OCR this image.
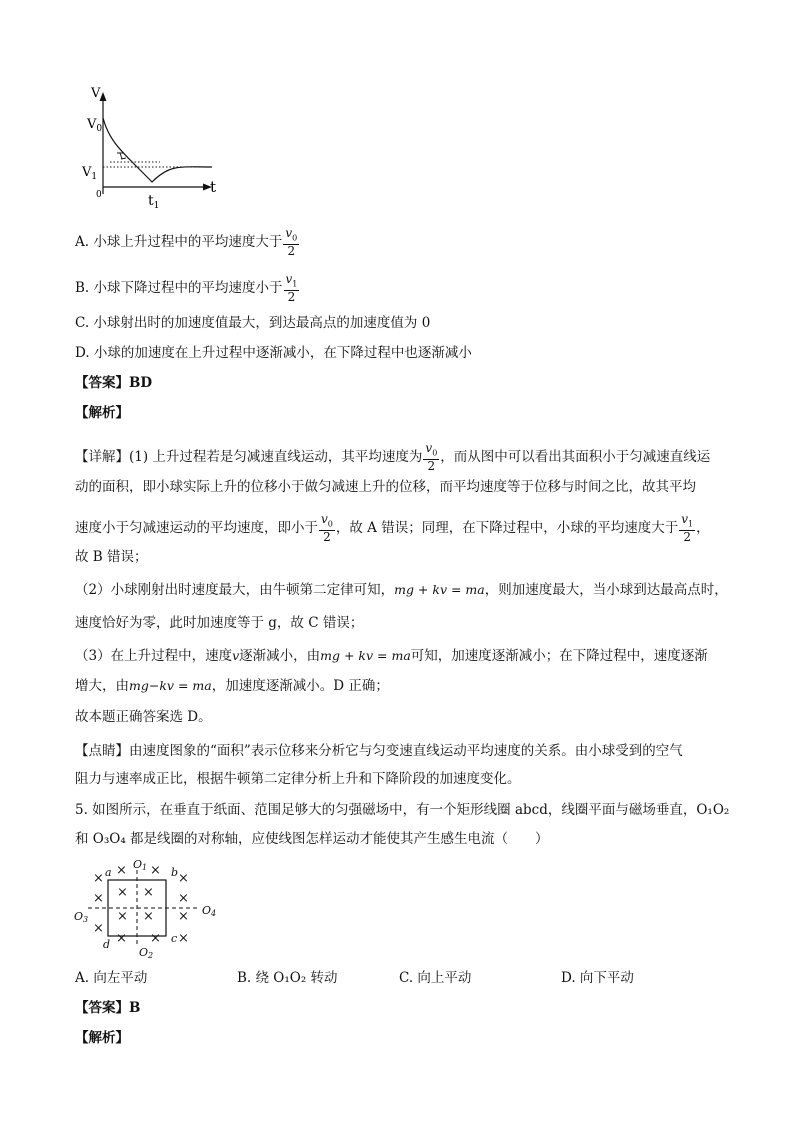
V
t
$V_0$
$V_1$
0	$t_1$
A. 小球上升过程中的平均速度大于 $\frac{v_0}{2}$
B. 小球下降过程中的平均速度小于 $\frac{v_1}{2}$
C. 小球射出时的加速度值最大，到达最高点的加速度值为 0
D. 小球的加速度在上升过程中逐渐减小，在下降过程中也逐渐减小
【答案】BD
【解析】
【详解】(1) 上升过程若是匀减速直线运动，其平均速度为 $\frac{v_0}{2}$ ，而从图中可以看出其面积小于匀减速直线运
动的面积，即小球实际上升的位移小于做匀减速上升的位移，而平均速度等于位移与时间之比，故其平均
速度小于匀减速运动的平均速度，即小于 $\frac{v_0}{2}$ ，故 A 错误；同理，在下降过程中，小球的平均速度大于 $\frac{v_1}{2}$ ，
故 B 错误；
（2）小球刚射出时速度最大，由牛顿第二定律可知，mg + kv = ma，则加速度最大，当小球到达最高点时，
速度恰好为零，此时加速度等于 g，故 C 错误；
（3）在上升过程中，速度v逐渐减小，由mg + kv = ma可知，加速度逐渐减小；在下降过程中，速度逐渐
增大，由mg−kv = ma，加速度逐渐减小。D 正确；
故本题正确答案选 D。
【点睛】由速度图象的“面积”表示位移来分析它与匀变速直线运动平均速度的关系。由小球受到的空气
阻力与速率成正比，根据牛顿第二定律分析上升和下降阶段的加速度变化。
5. 如图所示，在垂直于纸面、范围足够大的匀强磁场中，有一个矩形线圈 abcd，线圈平面与磁场垂直，O₁O₂
和 O₃O₄ 都是线圈的对称轴，应使线图怎样运动才能使其产生感生电流（　　）
×
×
×
× ×
× ×
×
×
×
×
× ×
× ×
a	b
c
d
O1
O2
O3
O4
A. 向左平动	B. 绕 O₁O₂ 转动	C. 向上平动	D. 向下平动
【答案】B
【解析】
